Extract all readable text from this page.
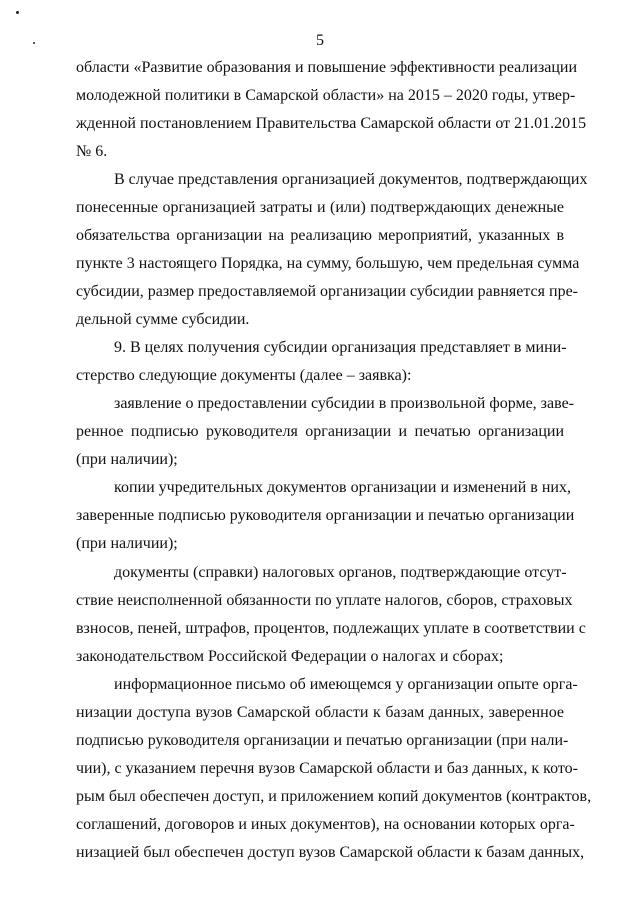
5
области «Развитие образования и повышение эффективности реализации
молодежной политики в Самарской области» на 2015 – 2020 годы, утвер-
жденной постановлением Правительства Самарской области от 21.01.2015
№ 6.
В случае представления организацией документов, подтверждающих
понесенные организацией затраты и (или) подтверждающих денежные
обязательства организации на реализацию мероприятий, указанных в
пункте 3 настоящего Порядка, на сумму, большую, чем предельная сумма
субсидии, размер предоставляемой организации субсидии равняется пре-
дельной сумме субсидии.
9. В целях получения субсидии организация представляет в мини-
стерство следующие документы (далее – заявка):
заявление о предоставлении субсидии в произвольной форме, заве-
ренное подписью руководителя организации и печатью организации
(при наличии);
копии учредительных документов организации и изменений в них,
заверенные подписью руководителя организации и печатью организации
(при наличии);
документы (справки) налоговых органов, подтверждающие отсут-
ствие неисполненной обязанности по уплате налогов, сборов, страховых
взносов, пеней, штрафов, процентов, подлежащих уплате в соответствии с
законодательством Российской Федерации о налогах и сборах;
информационное письмо об имеющемся у организации опыте орга-
низации доступа вузов Самарской области к базам данных, заверенное
подписью руководителя организации и печатью организации (при нали-
чии), с указанием перечня вузов Самарской области и баз данных, к кото-
рым был обеспечен доступ, и приложением копий документов (контрактов,
соглашений, договоров и иных документов), на основании которых орга-
низацией был обеспечен доступ вузов Самарской области к базам данных,
